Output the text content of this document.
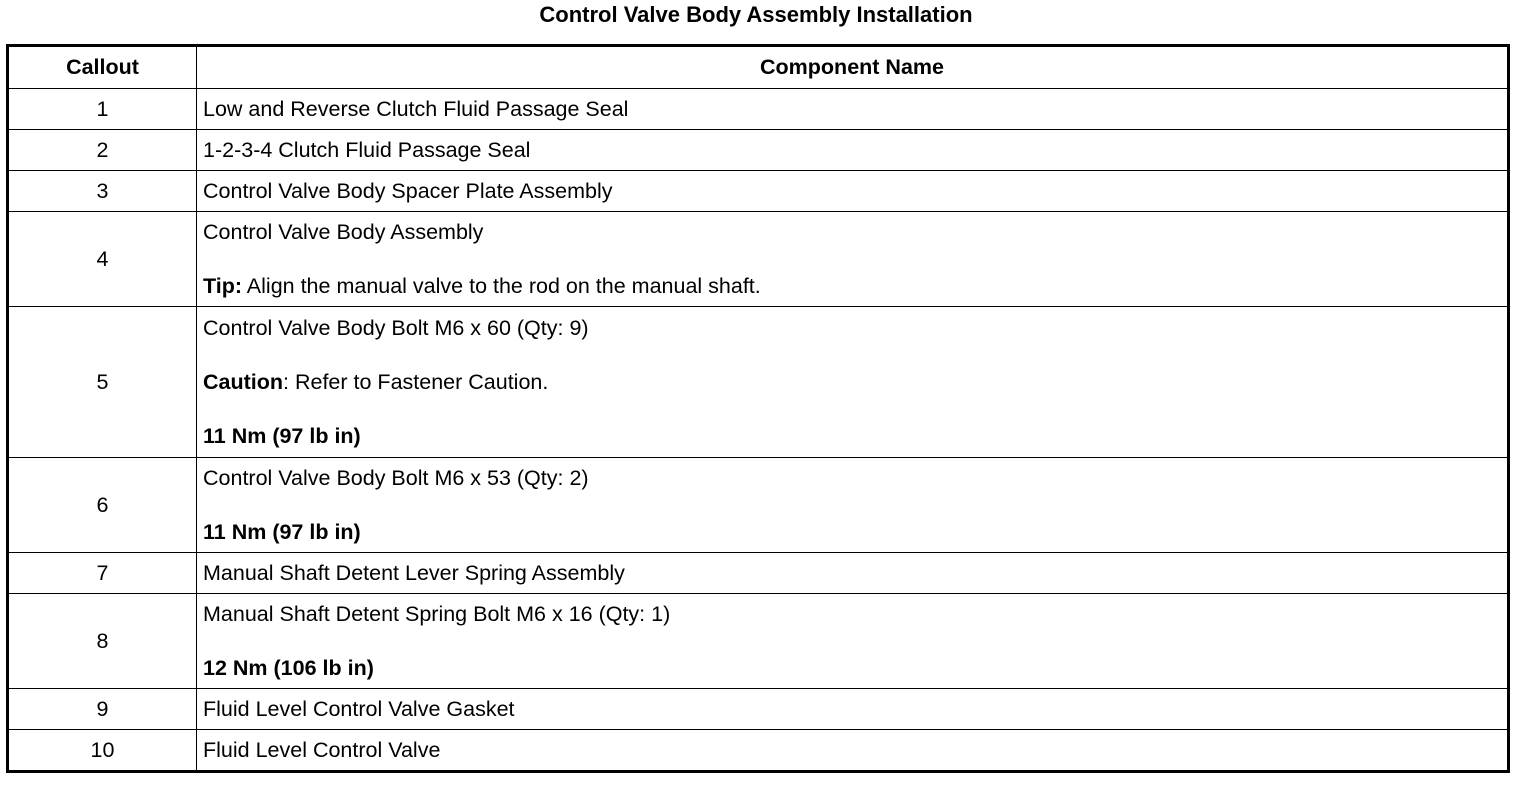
Control Valve Body Assembly Installation
Callout	Component Name
1	Low and Reverse Clutch Fluid Passage Seal

2	1-2-3-4 Clutch Fluid Passage Seal

3	Control Valve Body Spacer Plate Assembly

4	Control Valve Body Assembly
Tip: Align the manual valve to the rod on the manual shaft.

5	Control Valve Body Bolt M6 x 60 (Qty: 9)
Caution: Refer to Fastener Caution.
11 Nm (97 lb in)

6	Control Valve Body Bolt M6 x 53 (Qty: 2)
11 Nm (97 lb in)

7	Manual Shaft Detent Lever Spring Assembly

8	Manual Shaft Detent Spring Bolt M6 x 16 (Qty: 1)
12 Nm (106 lb in)

9	Fluid Level Control Valve Gasket

10	Fluid Level Control Valve
